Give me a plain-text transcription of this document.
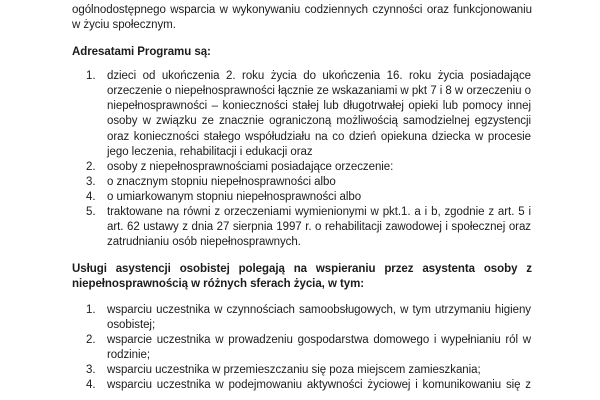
ogólnodostępnego wsparcia w wykonywaniu codziennych czynności oraz funkcjonowaniu
w życiu społecznym.
Adresatami Programu są:
1. dzieci od ukończenia 2. roku życia do ukończenia 16. roku życia posiadające
orzeczenie o niepełnosprawności łącznie ze wskazaniami w pkt 7 i 8 w orzeczeniu o
niepełnosprawności – konieczności stałej lub długotrwałej opieki lub pomocy innej
osoby w związku ze znacznie ograniczoną możliwością samodzielnej egzystencji
oraz konieczności stałego współudziału na co dzień opiekuna dziecka w procesie
jego leczenia, rehabilitacji i edukacji oraz
2. osoby z niepełnosprawnościami posiadające orzeczenie:
3. o znacznym stopniu niepełnosprawności albo
4. o umiarkowanym stopniu niepełnosprawności albo
5. traktowane na równi z orzeczeniami wymienionymi w pkt.1. a i b, zgodnie z art. 5 i
art. 62 ustawy z dnia 27 sierpnia 1997 r. o rehabilitacji zawodowej i społecznej oraz
zatrudnianiu osób niepełnosprawnych.
Usługi asystencji osobistej polegają na wspieraniu przez asystenta osoby z
niepełnosprawnością w różnych sferach życia, w tym:
1. wsparciu uczestnika w czynnościach samoobsługowych, w tym utrzymaniu higieny
osobistej;
2. wsparcie uczestnika w prowadzeniu gospodarstwa domowego i wypełnianiu ról w
rodzinie;
3. wsparciu uczestnika w przemieszczaniu się poza miejscem zamieszkania;
4. wsparciu uczestnika w podejmowaniu aktywności życiowej i komunikowaniu się z
